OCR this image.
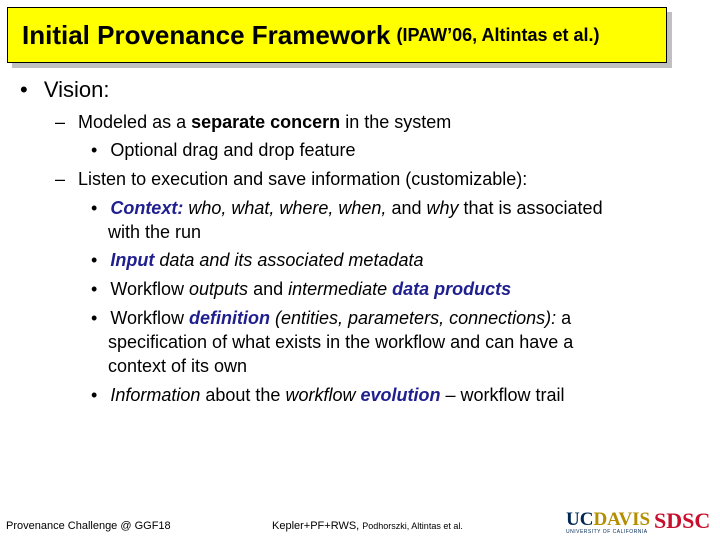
Initial Provenance Framework (IPAW’06, Altintas et al.)
• Vision:
– Modeled as a separate concern in the system
• Optional drag and drop feature
– Listen to execution and save information (customizable):
• Context: who, what, where, when, and why that is associated
with the run
• Input data and its associated metadata
• Workflow outputs and intermediate data products
• Workflow definition (entities, parameters, connections): a
specification of what exists in the workflow and can have a
context of its own
• Information about the workflow evolution – workflow trail
Provenance Challenge @ GGF18	Kepler+PF+RWS, Podhorszki, Altintas et al.	UCDAVIS
UNIVERSITY OF CALIFORNIA SDSC
